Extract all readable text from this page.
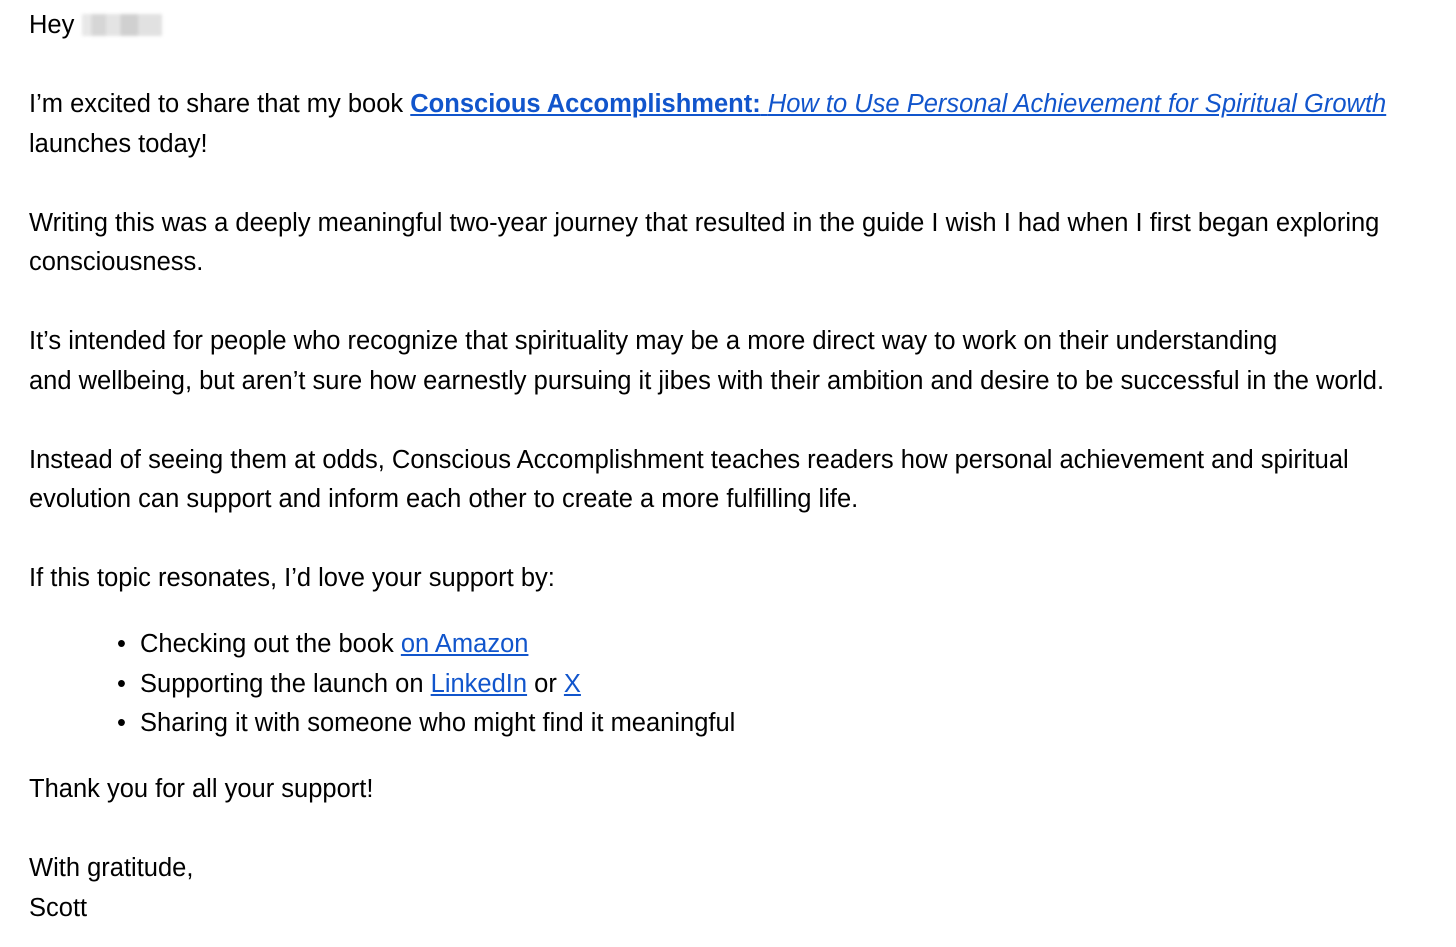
Hey

I’m excited to share that my book Conscious Accomplishment: How to Use Personal Achievement for Spiritual Growth
launches today!

Writing this was a deeply meaningful two-year journey that resulted in the guide I wish I had when I first began exploring consciousness.

It’s intended for people who recognize that spirituality may be a more direct way to work on their understanding
and wellbeing, but aren’t sure how earnestly pursuing it jibes with their ambition and desire to be successful in the world.

Instead of seeing them at odds, Conscious Accomplishment teaches readers how personal achievement and spiritual evolution can support and inform each other to create a more fulfilling life.

If this topic resonates, I’d love your support by:

• Checking out the book on Amazon
• Supporting the launch on LinkedIn or X
• Sharing it with someone who might find it meaningful

Thank you for all your support!

With gratitude,

Scott
